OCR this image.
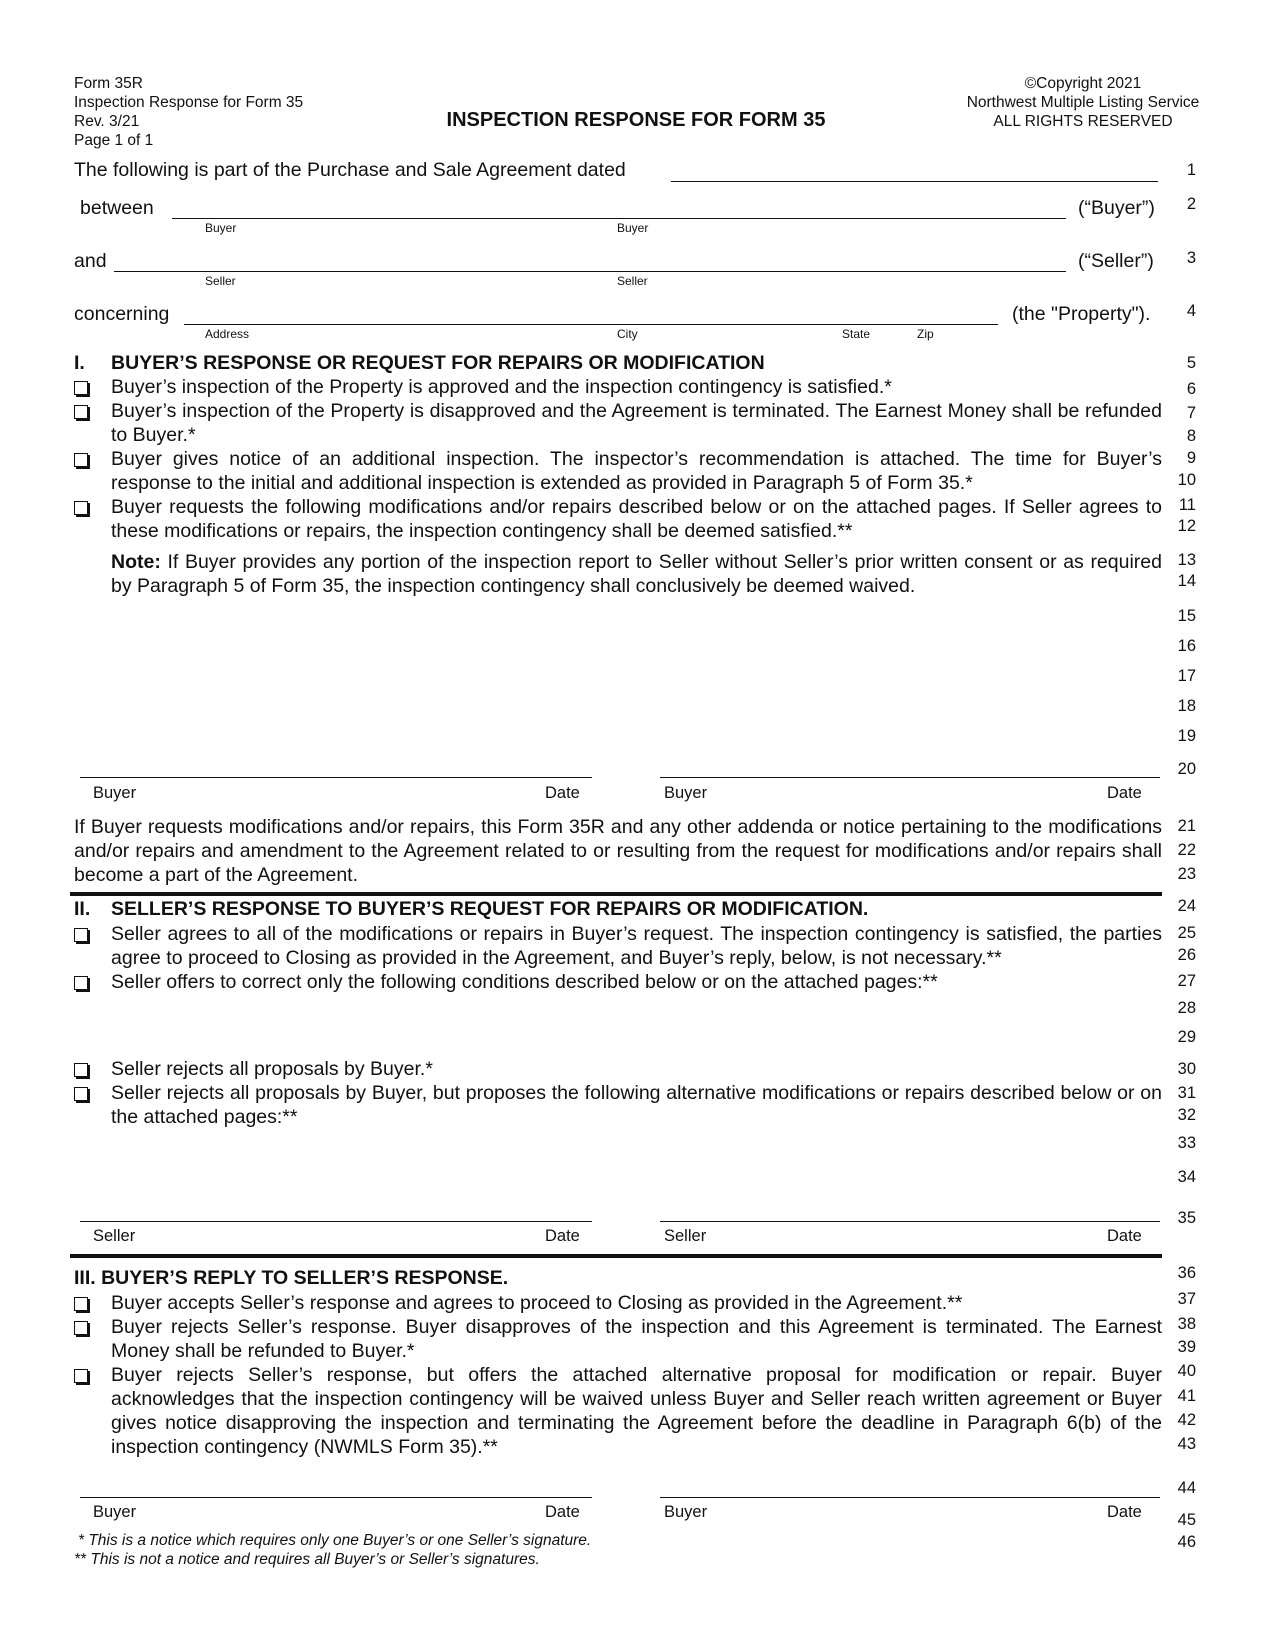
Form 35R
Inspection Response for Form 35
Rev. 3/21
Page 1 of 1
INSPECTION RESPONSE FOR FORM 35
©Copyright 2021
Northwest Multiple Listing Service
ALL RIGHTS RESERVED
The following is part of the Purchase and Sale Agreement dated
between	(“Buyer”)
Buyer	Buyer
and	(“Seller”)
Seller	Seller
concerning	(the "Property").
Address	City	State	Zip
I. BUYER’S RESPONSE OR REQUEST FOR REPAIRS OR MODIFICATION
Buyer’s inspection of the Property is approved and the inspection contingency is satisfied.*
Buyer’s inspection of the Property is disapproved and the Agreement is terminated. The Earnest Money shall be refunded to Buyer.*
Buyer gives notice of an additional inspection. The inspector’s recommendation is attached. The time for Buyer’s response to the initial and additional inspection is extended as provided in Paragraph 5 of Form 35.*
Buyer requests the following modifications and/or repairs described below or on the attached pages. If Seller agrees to these modifications or repairs, the inspection contingency shall be deemed satisfied.**
Note: If Buyer provides any portion of the inspection report to Seller without Seller’s prior written consent or as required by Paragraph 5 of Form 35, the inspection contingency shall conclusively be deemed waived.
Buyer	Date	Buyer	Date
If Buyer requests modifications and/or repairs, this Form 35R and any other addenda or notice pertaining to the modifications and/or repairs and amendment to the Agreement related to or resulting from the request for modifications and/or repairs shall become a part of the Agreement.
II. SELLER’S RESPONSE TO BUYER’S REQUEST FOR REPAIRS OR MODIFICATION.
Seller agrees to all of the modifications or repairs in Buyer’s request. The inspection contingency is satisfied, the parties agree to proceed to Closing as provided in the Agreement, and Buyer’s reply, below, is not necessary.**
Seller offers to correct only the following conditions described below or on the attached pages:**
Seller rejects all proposals by Buyer.*
Seller rejects all proposals by Buyer, but proposes the following alternative modifications or repairs described below or on the attached pages:**
Seller	Date	Seller	Date
III. BUYER’S REPLY TO SELLER’S RESPONSE.
Buyer accepts Seller’s response and agrees to proceed to Closing as provided in the Agreement.**
Buyer rejects Seller’s response. Buyer disapproves of the inspection and this Agreement is terminated. The Earnest Money shall be refunded to Buyer.*
Buyer rejects Seller’s response, but offers the attached alternative proposal for modification or repair. Buyer acknowledges that the inspection contingency will be waived unless Buyer and Seller reach written agreement or Buyer gives notice disapproving the inspection and terminating the Agreement before the deadline in Paragraph 6(b) of the inspection contingency (NWMLS Form 35).**
Buyer	Date	Buyer	Date
* This is a notice which requires only one Buyer’s or one Seller’s signature.
** This is not a notice and requires all Buyer’s or Seller’s signatures.
1
2
3
4
5
6
7
8
9
10
11
12
13
14
15
16
17
18
19
20
21
22
23
24
25
26
27
28
29
30
31
32
33
34
35
36
37
38
39
40
41
42
43
44
45
46
